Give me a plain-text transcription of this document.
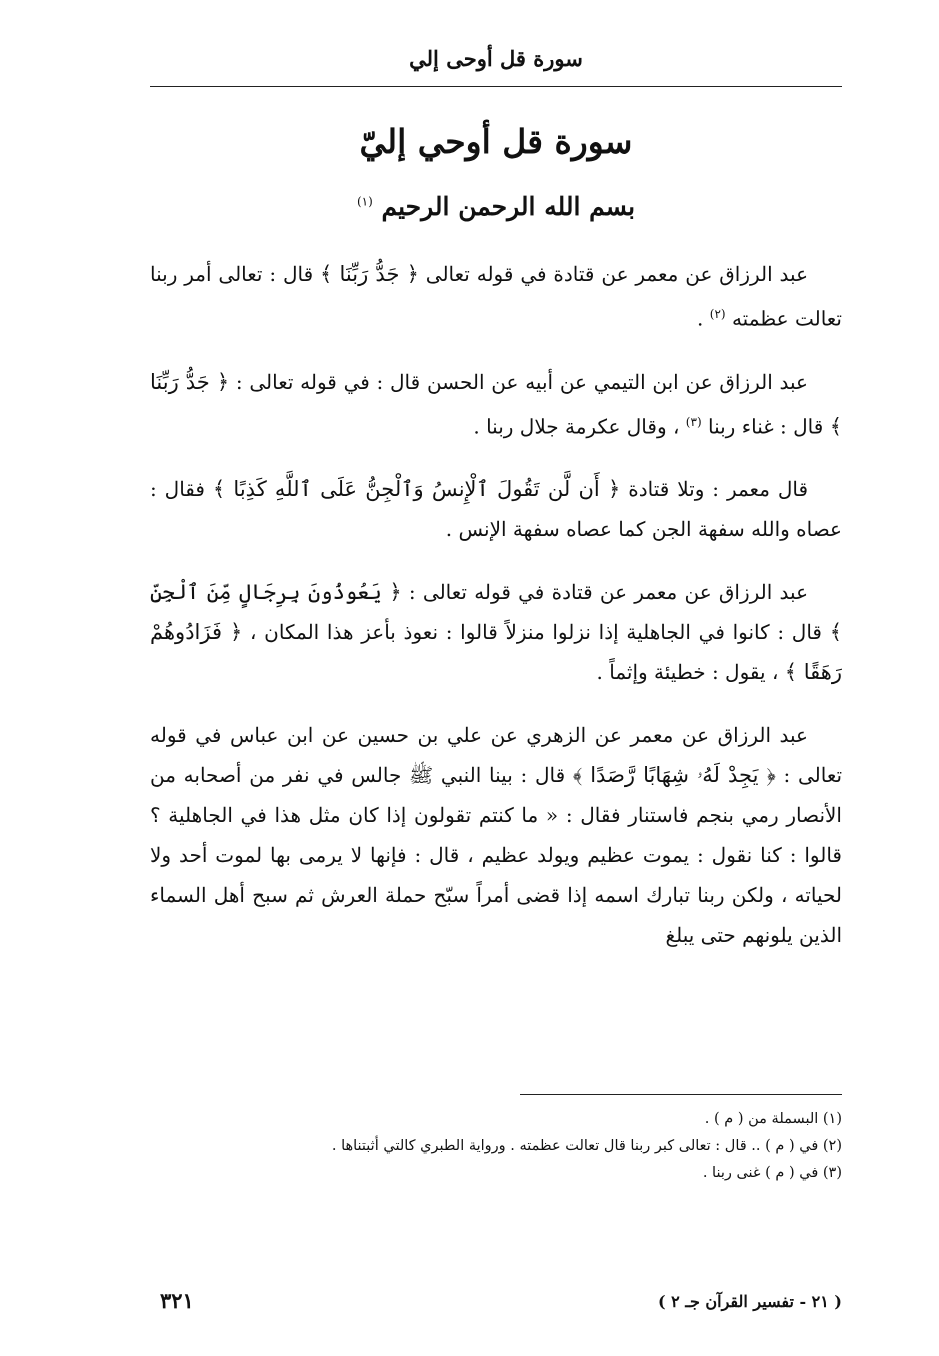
سورة قل أوحى إلي
سورة قل أوحي إليّ
بسم الله الرحمن الرحيم $^{(١)}$

عبد الرزاق عن معمر عن قتادة في قوله تعالى ﴿ جَدُّ رَبِّنَا ﴾ قال : تعالى أمر ربنا تعالت عظمته $^{(٢)}$ .

عبد الرزاق عن ابن التيمي عن أبيه عن الحسن قال : في قوله تعالى : ﴿ جَدُّ رَبِّنَا ﴾ قال : غناء ربنا $^{(٣)}$ ، وقال عكرمة جلال ربنا .

قال معمر : وتلا قتادة ﴿ أَن لَّن تَقُولَ ٱلْإِنسُ وَٱلْجِنُّ عَلَى ٱللَّهِ كَذِبًا ﴾ فقال : عصاه والله سفهة الجن كما عصاه سفهة الإنس .

عبد الرزاق عن معمر عن قتادة في قوله تعالى : ﴿ يَعُوذُونَ بِرِجَالٍ مِّنَ ٱلْجِنِّ ﴾ قال : كانوا في الجاهلية إذا نزلوا منزلاً قالوا : نعوذ بأعز هذا المكان ، ﴿ فَزَادُوهُمْ رَهَقًا ﴾ ، يقول : خطيئة وإثماً .

عبد الرزاق عن معمر عن الزهري عن علي بن حسين عن ابن عباس في قوله تعالى : ﴿ يَجِدْ لَهُۥ شِهَابًا رَّصَدًا ﴾ قال : بينا النبي ﷺ جالس في نفر من أصحابه من الأنصار رمي بنجم فاستنار فقال : « ما كنتم تقولون إذا كان مثل هذا في الجاهلية ؟ قالوا : كنا نقول : يموت عظيم ويولد عظيم ، قال : فإنها لا يرمى بها لموت أحد ولا لحياته ، ولكن ربنا تبارك اسمه إذا قضى أمراً سبّح حملة العرش ثم سبح أهل السماء الذين يلونهم حتى يبلغ

(١) البسملة من ( م ) .

(٢) في ( م ) .. قال : تعالى كبر ربنا قال تعالت عظمته . ورواية الطبري كالتي أثبتناها .

(٣) في ( م ) غنى ربنا .

٣٢١	( ٢١ - تفسير القرآن جـ ٢ )
